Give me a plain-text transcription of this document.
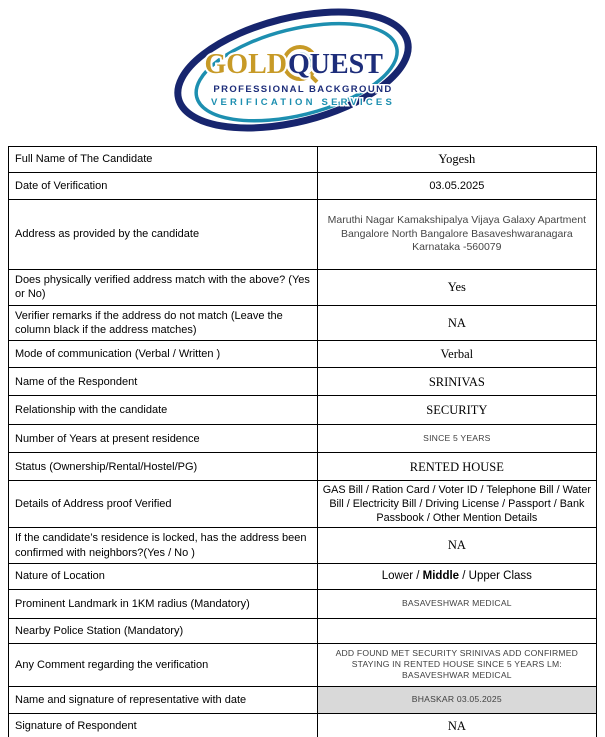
GOLD QUEST
PROFESSIONAL BACKGROUND
VERIFICATION SERVICES
Full Name of The Candidate	Yogesh
Date of Verification	03.05.2025
Address as provided by the candidate	Maruthi Nagar Kamakshipalya Vijaya Galaxy Apartment Bangalore North Bangalore Basaveshwaranagara Karnataka -560079
Does physically verified address match with the above? (Yes or No)	Yes
Verifier remarks if the address do not match (Leave the column black if the address matches)	NA
Mode of communication (Verbal / Written )	Verbal
Name of the Respondent	SRINIVAS
Relationship with the candidate	SECURITY
Number of Years at present residence	SINCE 5 YEARS
Status (Ownership/Rental/Hostel/PG)	RENTED HOUSE
Details of Address proof Verified	GAS Bill / Ration Card / Voter ID / Telephone Bill / Water Bill / Electricity Bill / Driving License / Passport / Bank Passbook / Other Mention Details
If the candidate’s residence is locked, has the address been confirmed with neighbors?(Yes / No )	NA
Nature of Location	Lower / Middle / Upper Class
Prominent Landmark in 1KM radius (Mandatory)	BASAVESHWAR MEDICAL
Nearby Police Station (Mandatory)	
Any Comment regarding the verification	ADD FOUND MET SECURITY SRINIVAS ADD CONFIRMED STAYING IN RENTED HOUSE SINCE 5 YEARS LM: BASAVESHWAR MEDICAL
Name and signature of representative with date	BHASKAR 03.05.2025
Signature of Respondent	NA
